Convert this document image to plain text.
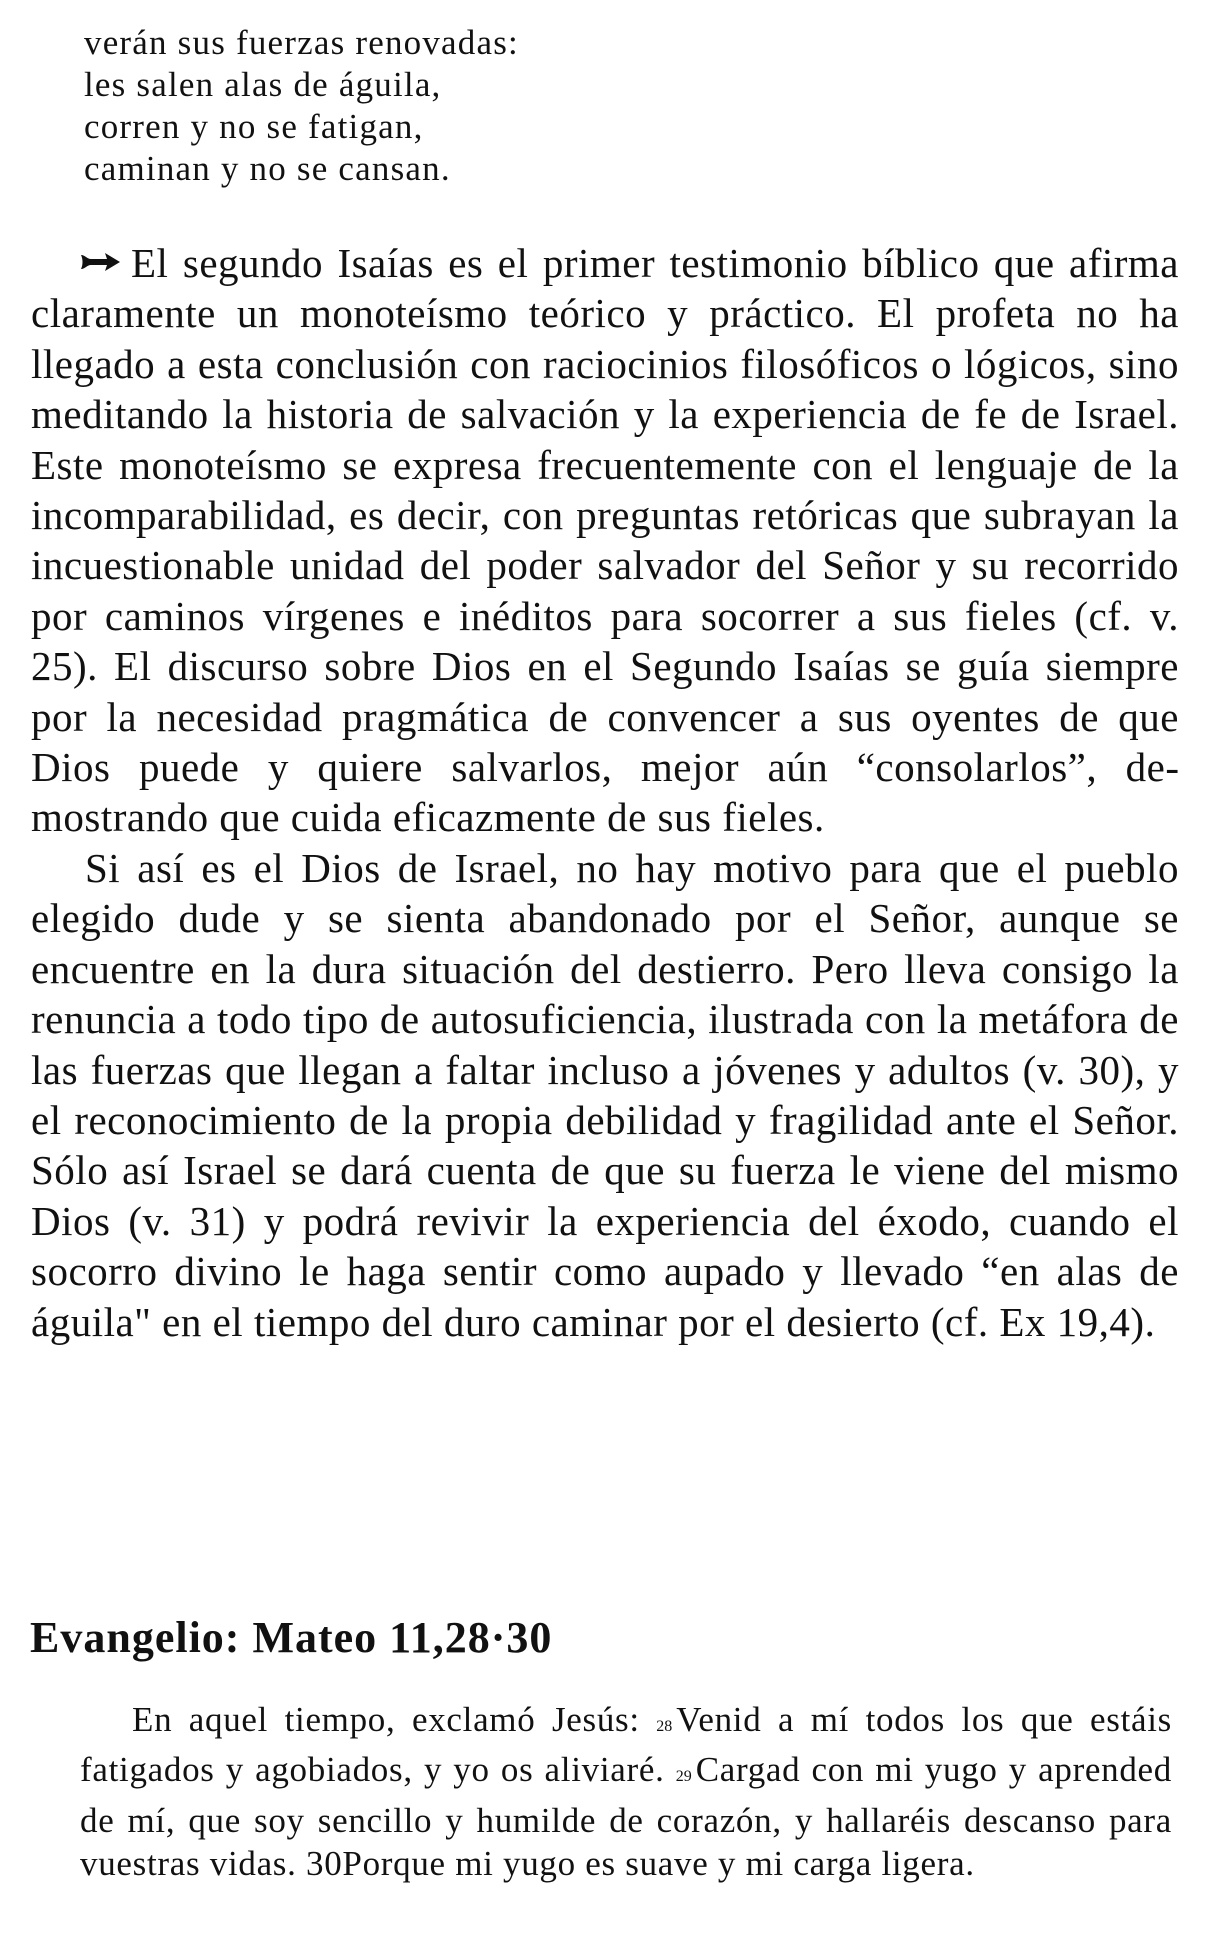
verán sus fuerzas renovadas:
les salen alas de águila,
corren y no se fatigan,
caminan y no se cansan.

El segundo Isaías es el primer testimonio bíblico que afirma claramente un monoteísmo teórico y práctico. El profeta no ha llegado a esta conclusión con raciocinios filosóficos o lógicos, sino meditando la historia de salvación y la experiencia de fe de Israel. Este monoteísmo se expresa frecuentemente con el lenguaje de la incomparabilidad, es decir, con preguntas retóricas que subrayan la incuestionable unidad del poder salvador del Señor y su recorrido por caminos vírgenes e inéditos para socorrer a sus fieles (cf. v. 25). El discurso sobre Dios en el Segundo Isaías se guía siempre por la necesidad pragmática de convencer a sus oyentes de que Dios puede y quiere salvarlos, mejor aún “consolarlos”, demostrando que cuida eficazmente de sus fieles.

Si así es el Dios de Israel, no hay motivo para que el pueblo elegido dude y se sienta abandonado por el Señor, aunque se encuentre en la dura situación del destierro. Pero lleva consigo la renuncia a todo tipo de autosuficiencia, ilustrada con la metáfora de las fuerzas que llegan a faltar incluso a jóvenes y adultos (v. 30), y el reconocimiento de la propia debilidad y fragilidad ante el Señor. Sólo así Israel se dará cuenta de que su fuerza le viene del mismo Dios (v. 31) y podrá revivir la experiencia del éxodo, cuando el socorro divino le haga sentir como aupado y llevado “en alas de águila" en el tiempo del duro caminar por el desierto (cf. Ex 19,4).

Evangelio: Mateo 11,28·30

En aquel tiempo, exclamó Jesús: 28 Venid a mí todos los que estáis fatigados y agobiados, y yo os aliviaré. 29 Cargad con mi yugo y aprended de mí, que soy sencillo y humilde de corazón, y hallaréis descanso para vuestras vidas. 30Porque mi yugo es suave y mi carga ligera.
